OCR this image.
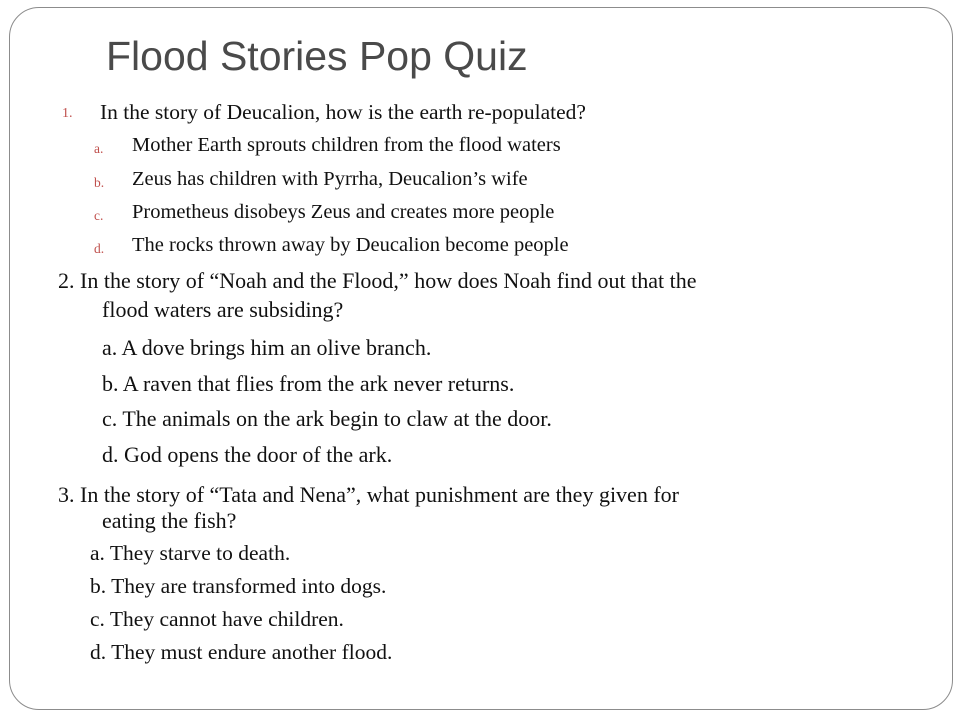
Flood Stories Pop Quiz
1. In the story of Deucalion, how is the earth re-populated?

a. Mother Earth sprouts children from the flood waters

b. Zeus has children with Pyrrha, Deucalion’s wife

c. Prometheus disobeys Zeus and creates more people

d. The rocks thrown away by Deucalion become people

2. In the story of “Noah and the Flood,” how does Noah find out that the

flood waters are subsiding?

a. A dove brings him an olive branch.

b. A raven that flies from the ark never returns.

c. The animals on the ark begin to claw at the door.

d. God opens the door of the ark.

3. In the story of “Tata and Nena”, what punishment are they given for

eating the fish?

a. They starve to death.

b. They are transformed into dogs.

c. They cannot have children.

d. They must endure another flood.
